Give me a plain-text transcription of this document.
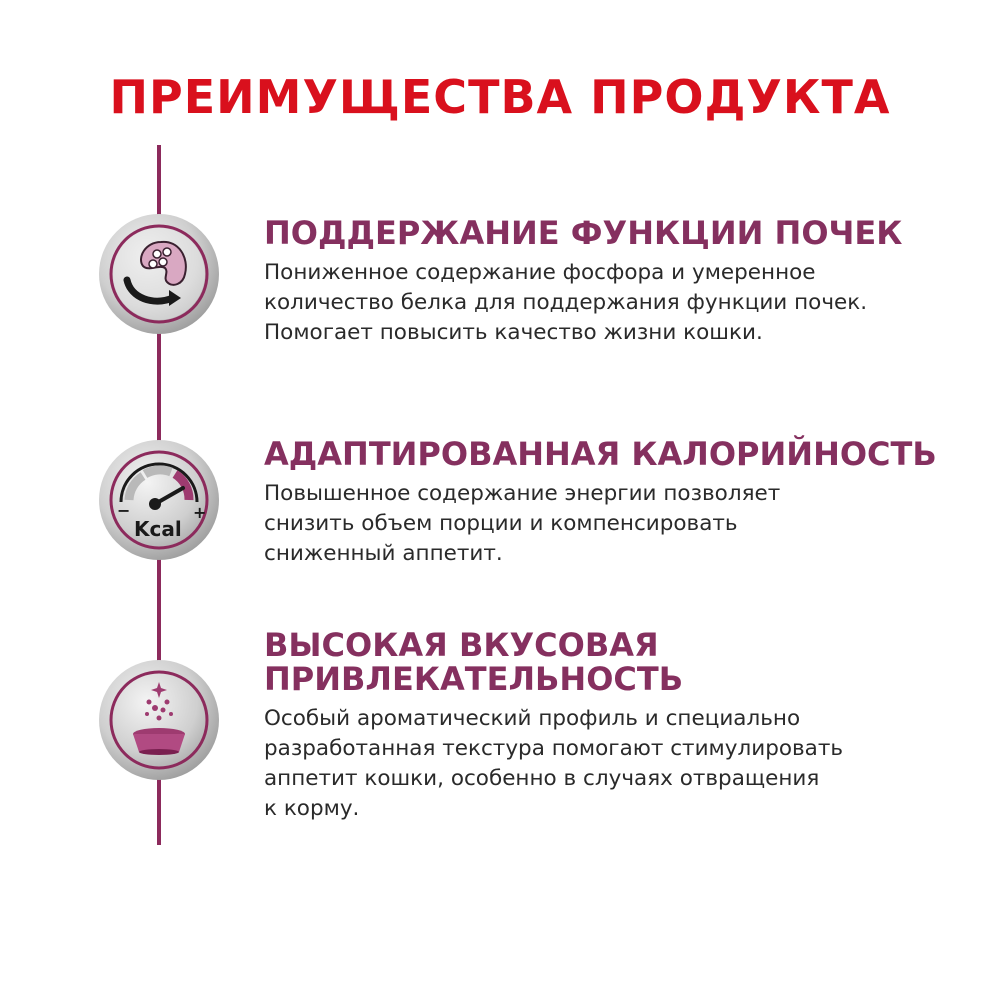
ПРЕИМУЩЕСТВА ПРОДУКТА
−	+
Kcal

ПОДДЕРЖАНИЕ ФУНКЦИИ ПОЧЕК

Пониженное содержание фосфора и умеренное
количество белка для поддержания функции почек.
Помогает повысить качество жизни кошки.

АДАПТИРОВАННАЯ КАЛОРИЙНОСТЬ

Повышенное содержание энергии позволяет
снизить объем порции и компенсировать
сниженный аппетит.

ВЫСОКАЯ ВКУСОВАЯ
ПРИВЛЕКАТЕЛЬНОСТЬ

Особый ароматический профиль и специально
разработанная текстура помогают стимулировать
аппетит кошки, особенно в случаях отвращения
к корму.
